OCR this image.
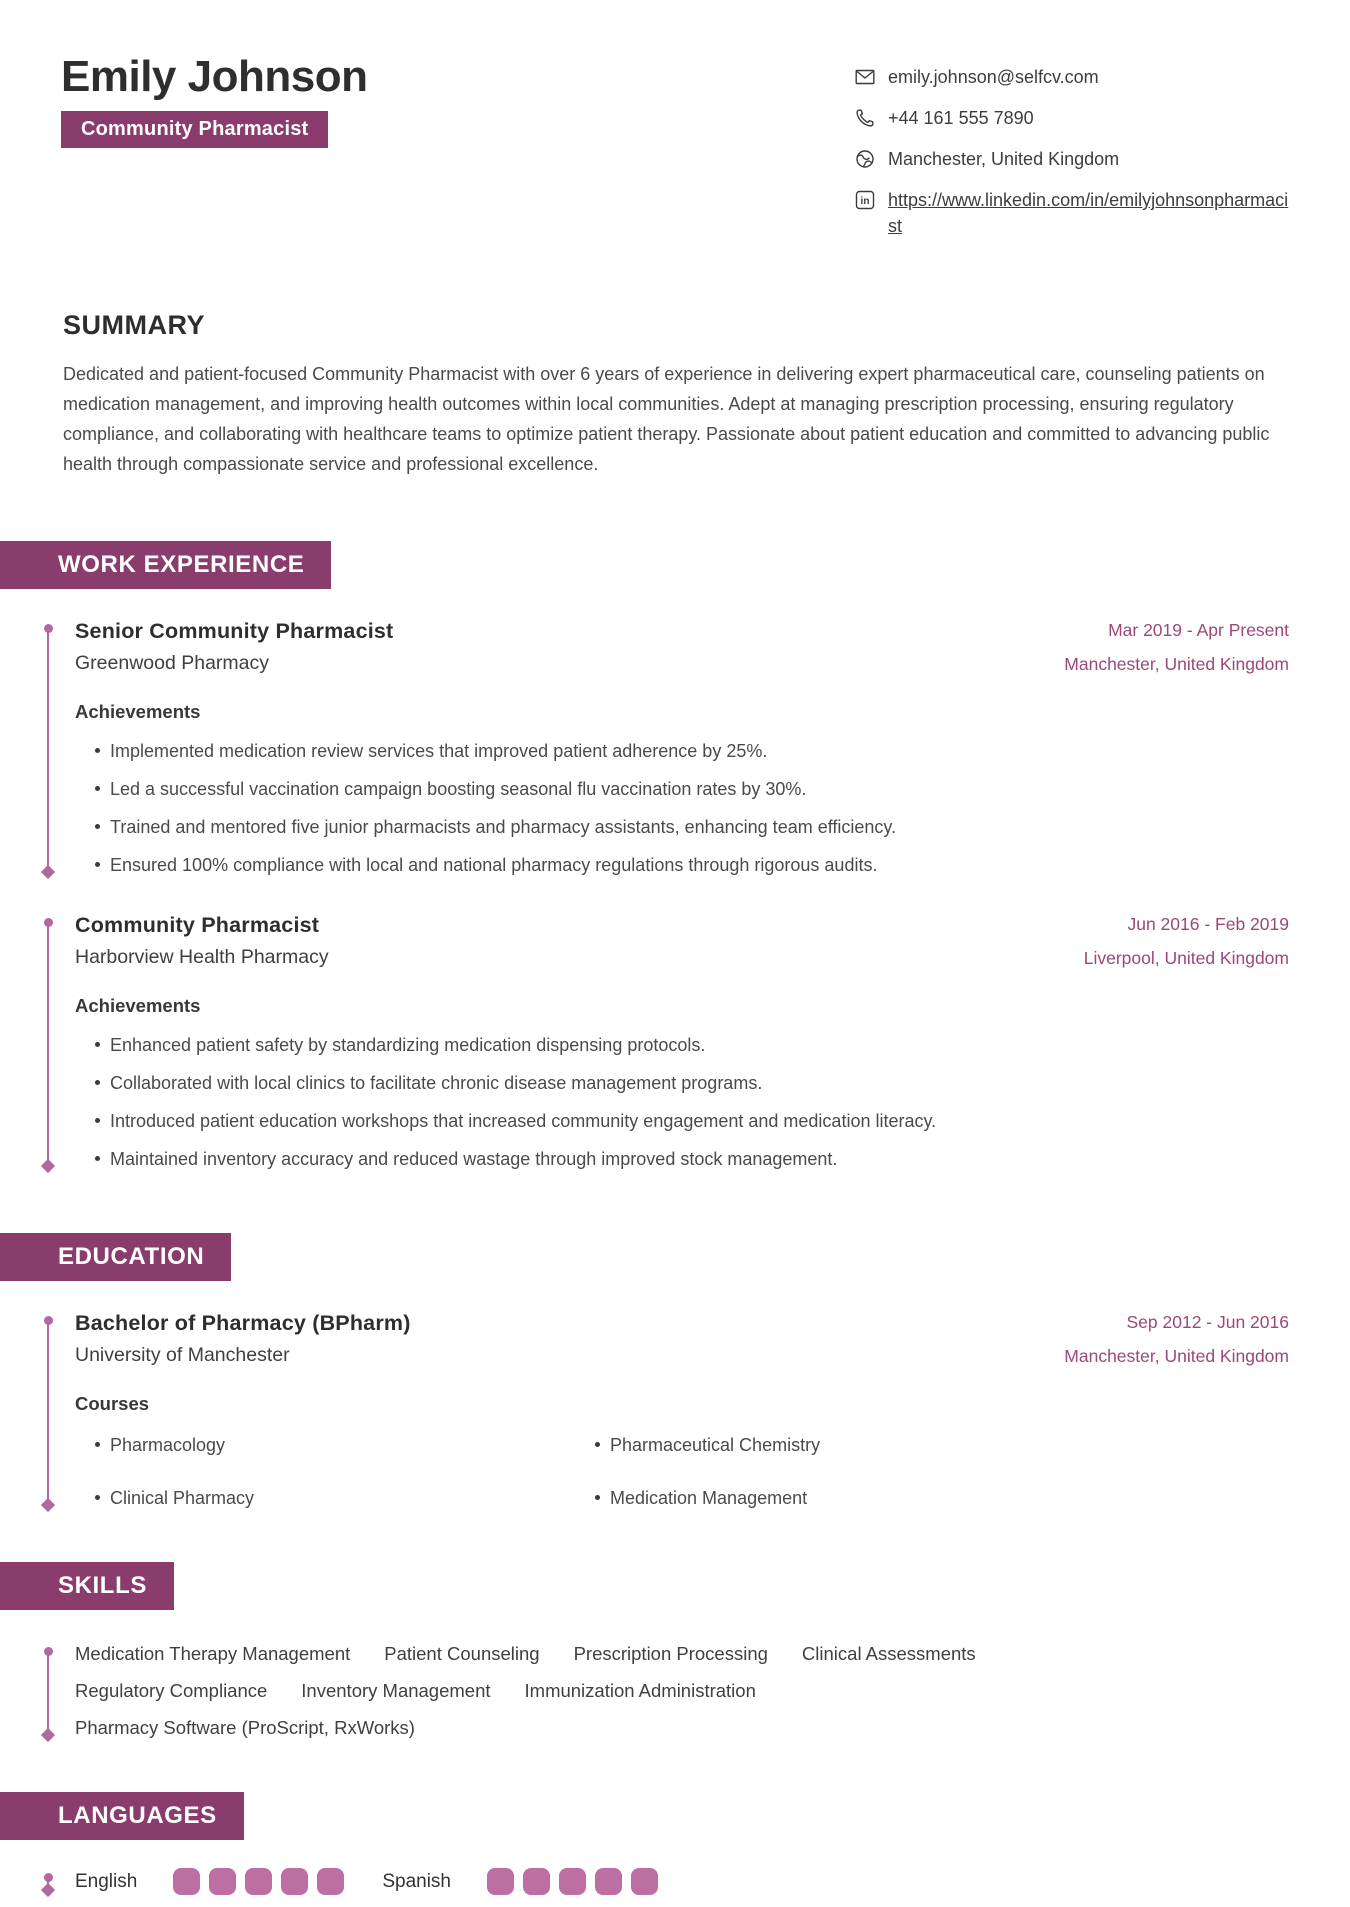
Emily Johnson
Community Pharmacist
emily.johnson@selfcv.com
+44 161 555 7890
Manchester, United Kingdom
in https://www.linkedin.com/in/emilyjohnsonpharmacist
SUMMARY
Dedicated and patient-focused Community Pharmacist with over 6 years of experience in delivering expert pharmaceutical care, counseling patients on medication management, and improving health outcomes within local communities. Adept at managing prescription processing, ensuring regulatory compliance, and collaborating with healthcare teams to optimize patient therapy. Passionate about patient education and committed to advancing public health through compassionate service and professional excellence.
WORK EXPERIENCE
Senior Community Pharmacist
Greenwood Pharmacy
Mar 2019 - Apr Present
Manchester, United Kingdom
Achievements
Implemented medication review services that improved patient adherence by 25%.
Led a successful vaccination campaign boosting seasonal flu vaccination rates by 30%.
Trained and mentored five junior pharmacists and pharmacy assistants, enhancing team efficiency.
Ensured 100% compliance with local and national pharmacy regulations through rigorous audits.
Community Pharmacist
Harborview Health Pharmacy
Jun 2016 - Feb 2019
Liverpool, United Kingdom
Achievements
Enhanced patient safety by standardizing medication dispensing protocols.
Collaborated with local clinics to facilitate chronic disease management programs.
Introduced patient education workshops that increased community engagement and medication literacy.
Maintained inventory accuracy and reduced wastage through improved stock management.
EDUCATION
Bachelor of Pharmacy (BPharm)
University of Manchester
Sep 2012 - Jun 2016
Manchester, United Kingdom
Courses
Pharmacology	Pharmaceutical Chemistry
Clinical Pharmacy	Medication Management
SKILLS
Medication Therapy Management Patient Counseling Prescription Processing Clinical Assessments
Regulatory Compliance Inventory Management Immunization Administration
Pharmacy Software (ProScript, RxWorks)
LANGUAGES
English	Spanish
